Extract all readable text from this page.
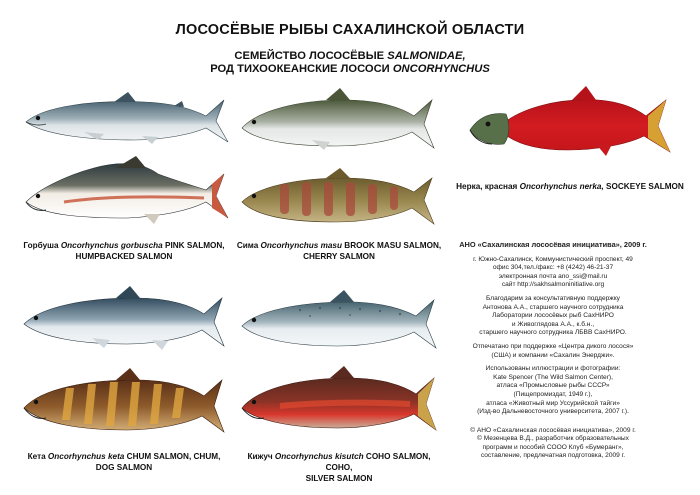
ЛОСОСЁВЫЕ РЫБЫ САХАЛИНСКОЙ ОБЛАСТИ
СЕМЕЙСТВО ЛОСОСЁВЫЕ SALMONIDAE,
РОД ТИХООКЕАНСКИЕ ЛОСОСИ ONCORHYNCHUS
Горбуша Oncorhynchus gorbuscha PINK SALMON,
HUMPBACKED SALMON
Сима Oncorhynchus masu BROOK MASU SALMON,
CHERRY SALMON
Нерка, красная Oncorhynchus nerka, SOCKEYE SALMON
Кета Oncorhynchus keta CHUM SALMON, CHUM,
DOG SALMON
Кижуч Oncorhynchus kisutch COHO SALMON, COHO,
SILVER SALMON

АНО «Сахалинская лососёвая инициатива», 2009 г.

г. Южно-Сахалинск, Коммунистический проспект, 49
офис 304,тел./факс: +8 (4242) 46-21-37
электронная почта ano_ssi@mail.ru
сайт http://sakhsalmoninitiative.org

Благодарим за консультативную поддержку
Антонова А.А., старшего научного сотрудника
Лаборатории лососёвых рыб СахНИРО
и Живоглядова А.А., к.б.н.,
старшего научного сотрудника ЛБВВ СахНИРО.

Отпечатано при поддержке «Центра дикого лосося»
(США) и компании «Сахалин Энерджи».

Использованы иллюстрации и фотографии:
Kate Spencer (The Wild Salmon Center),
атласа «Промысловые рыбы СССР»
(Пищепромиздат, 1949 г.),
атласа «Животный мир Уссурийской тайги»
(Изд-во Дальневосточного университета, 2007 г.).

© АНО «Сахалинская лососёвая инициатива», 2009 г.
© Мезенцева В.Д., разработчик образовательных
программ и пособий СООО Клуб «Бумеранг»,
составление, предлечатная подготовка, 2009 г.
